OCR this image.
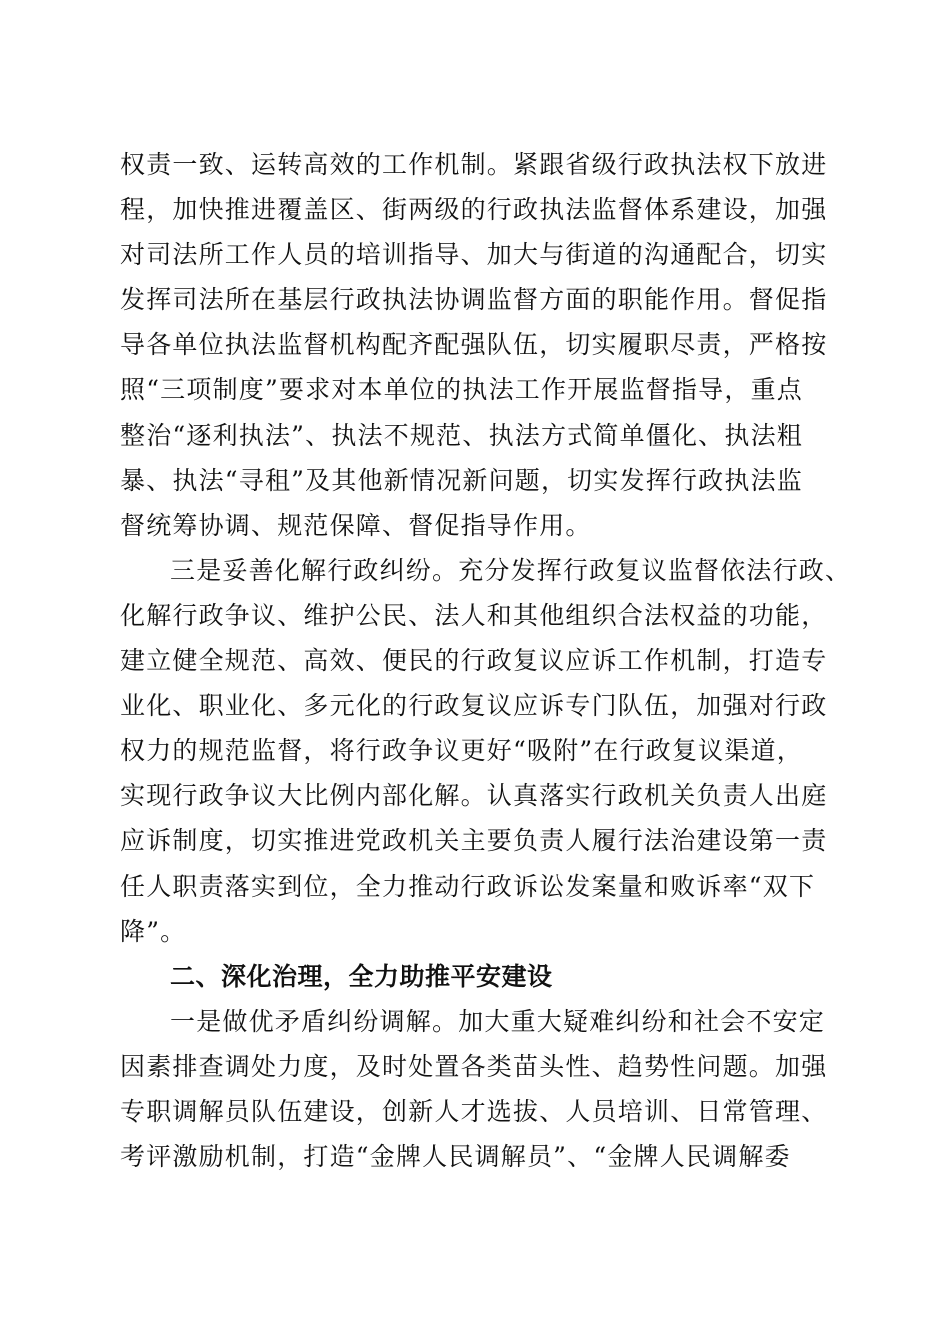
权责一致、运转高效的工作机制。紧跟省级行政执法权下放进
程，加快推进覆盖区、街两级的行政执法监督体系建设，加强
对司法所工作人员的培训指导、加大与街道的沟通配合，切实
发挥司法所在基层行政执法协调监督方面的职能作用。督促指
导各单位执法监督机构配齐配强队伍，切实履职尽责，严格按
照“三项制度”要求对本单位的执法工作开展监督指导，重点
整治“逐利执法”、执法不规范、执法方式简单僵化、执法粗
暴、执法“寻租”及其他新情况新问题，切实发挥行政执法监
督统筹协调、规范保障、督促指导作用。
三是妥善化解行政纠纷。充分发挥行政复议监督依法行政、
化解行政争议、维护公民、法人和其他组织合法权益的功能，
建立健全规范、高效、便民的行政复议应诉工作机制，打造专
业化、职业化、多元化的行政复议应诉专门队伍，加强对行政
权力的规范监督，将行政争议更好“吸附”在行政复议渠道，
实现行政争议大比例内部化解。认真落实行政机关负责人出庭
应诉制度，切实推进党政机关主要负责人履行法治建设第一责
任人职责落实到位，全力推动行政诉讼发案量和败诉率“双下
降”。
二、深化治理，全力助推平安建设
一是做优矛盾纠纷调解。加大重大疑难纠纷和社会不安定
因素排查调处力度，及时处置各类苗头性、趋势性问题。加强
专职调解员队伍建设，创新人才选拔、人员培训、日常管理、
考评激励机制，打造“金牌人民调解员”、“金牌人民调解委
